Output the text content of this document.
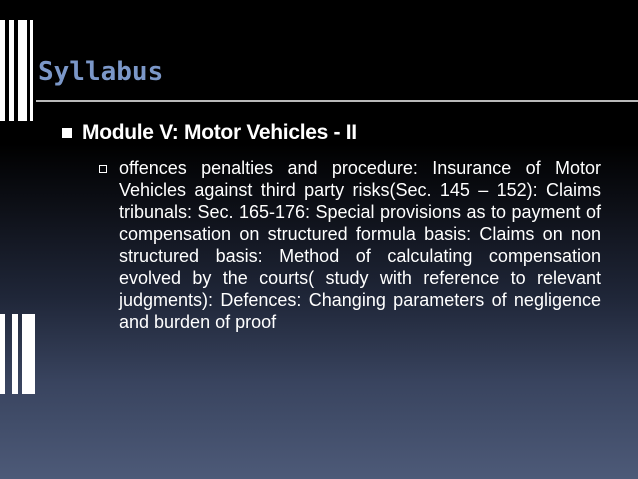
Syllabus
Module V: Motor Vehicles - II
offences penalties and procedure: Insurance of Motor Vehicles against third party risks(Sec. 145 – 152): Claims tribunals: Sec. 165-176: Special provisions as to payment of compensation on structured formula basis: Claims on non structured basis: Method of calculating compensation evolved by the courts( study with reference to relevant judgments): Defences: Changing parameters of negligence and burden of proof
